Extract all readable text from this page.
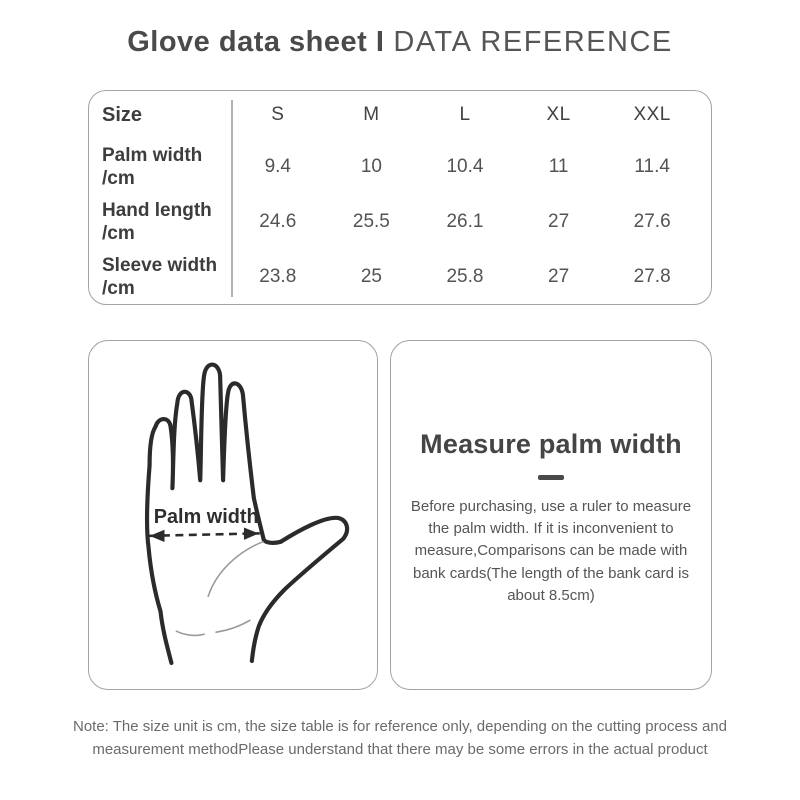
Glove data sheet I DATA REFERENCE
Size	S	M	L	XL	XXL
Palm width
/cm
9.4	10	10.4	11	11.4
Hand length
/cm
24.6	25.5	26.1	27	27.6
Sleeve width
/cm
23.8	25	25.8	27	27.8
Palm width
Measure palm width

Before purchasing, use a ruler to measure the palm width. If it is inconvenient to measure,Comparisons can be made with bank cards(The length of the bank card is about 8.5cm)

Note: The size unit is cm, the size table is for reference only, depending on the cutting process and measurement methodPlease understand that there may be some errors in the actual product
